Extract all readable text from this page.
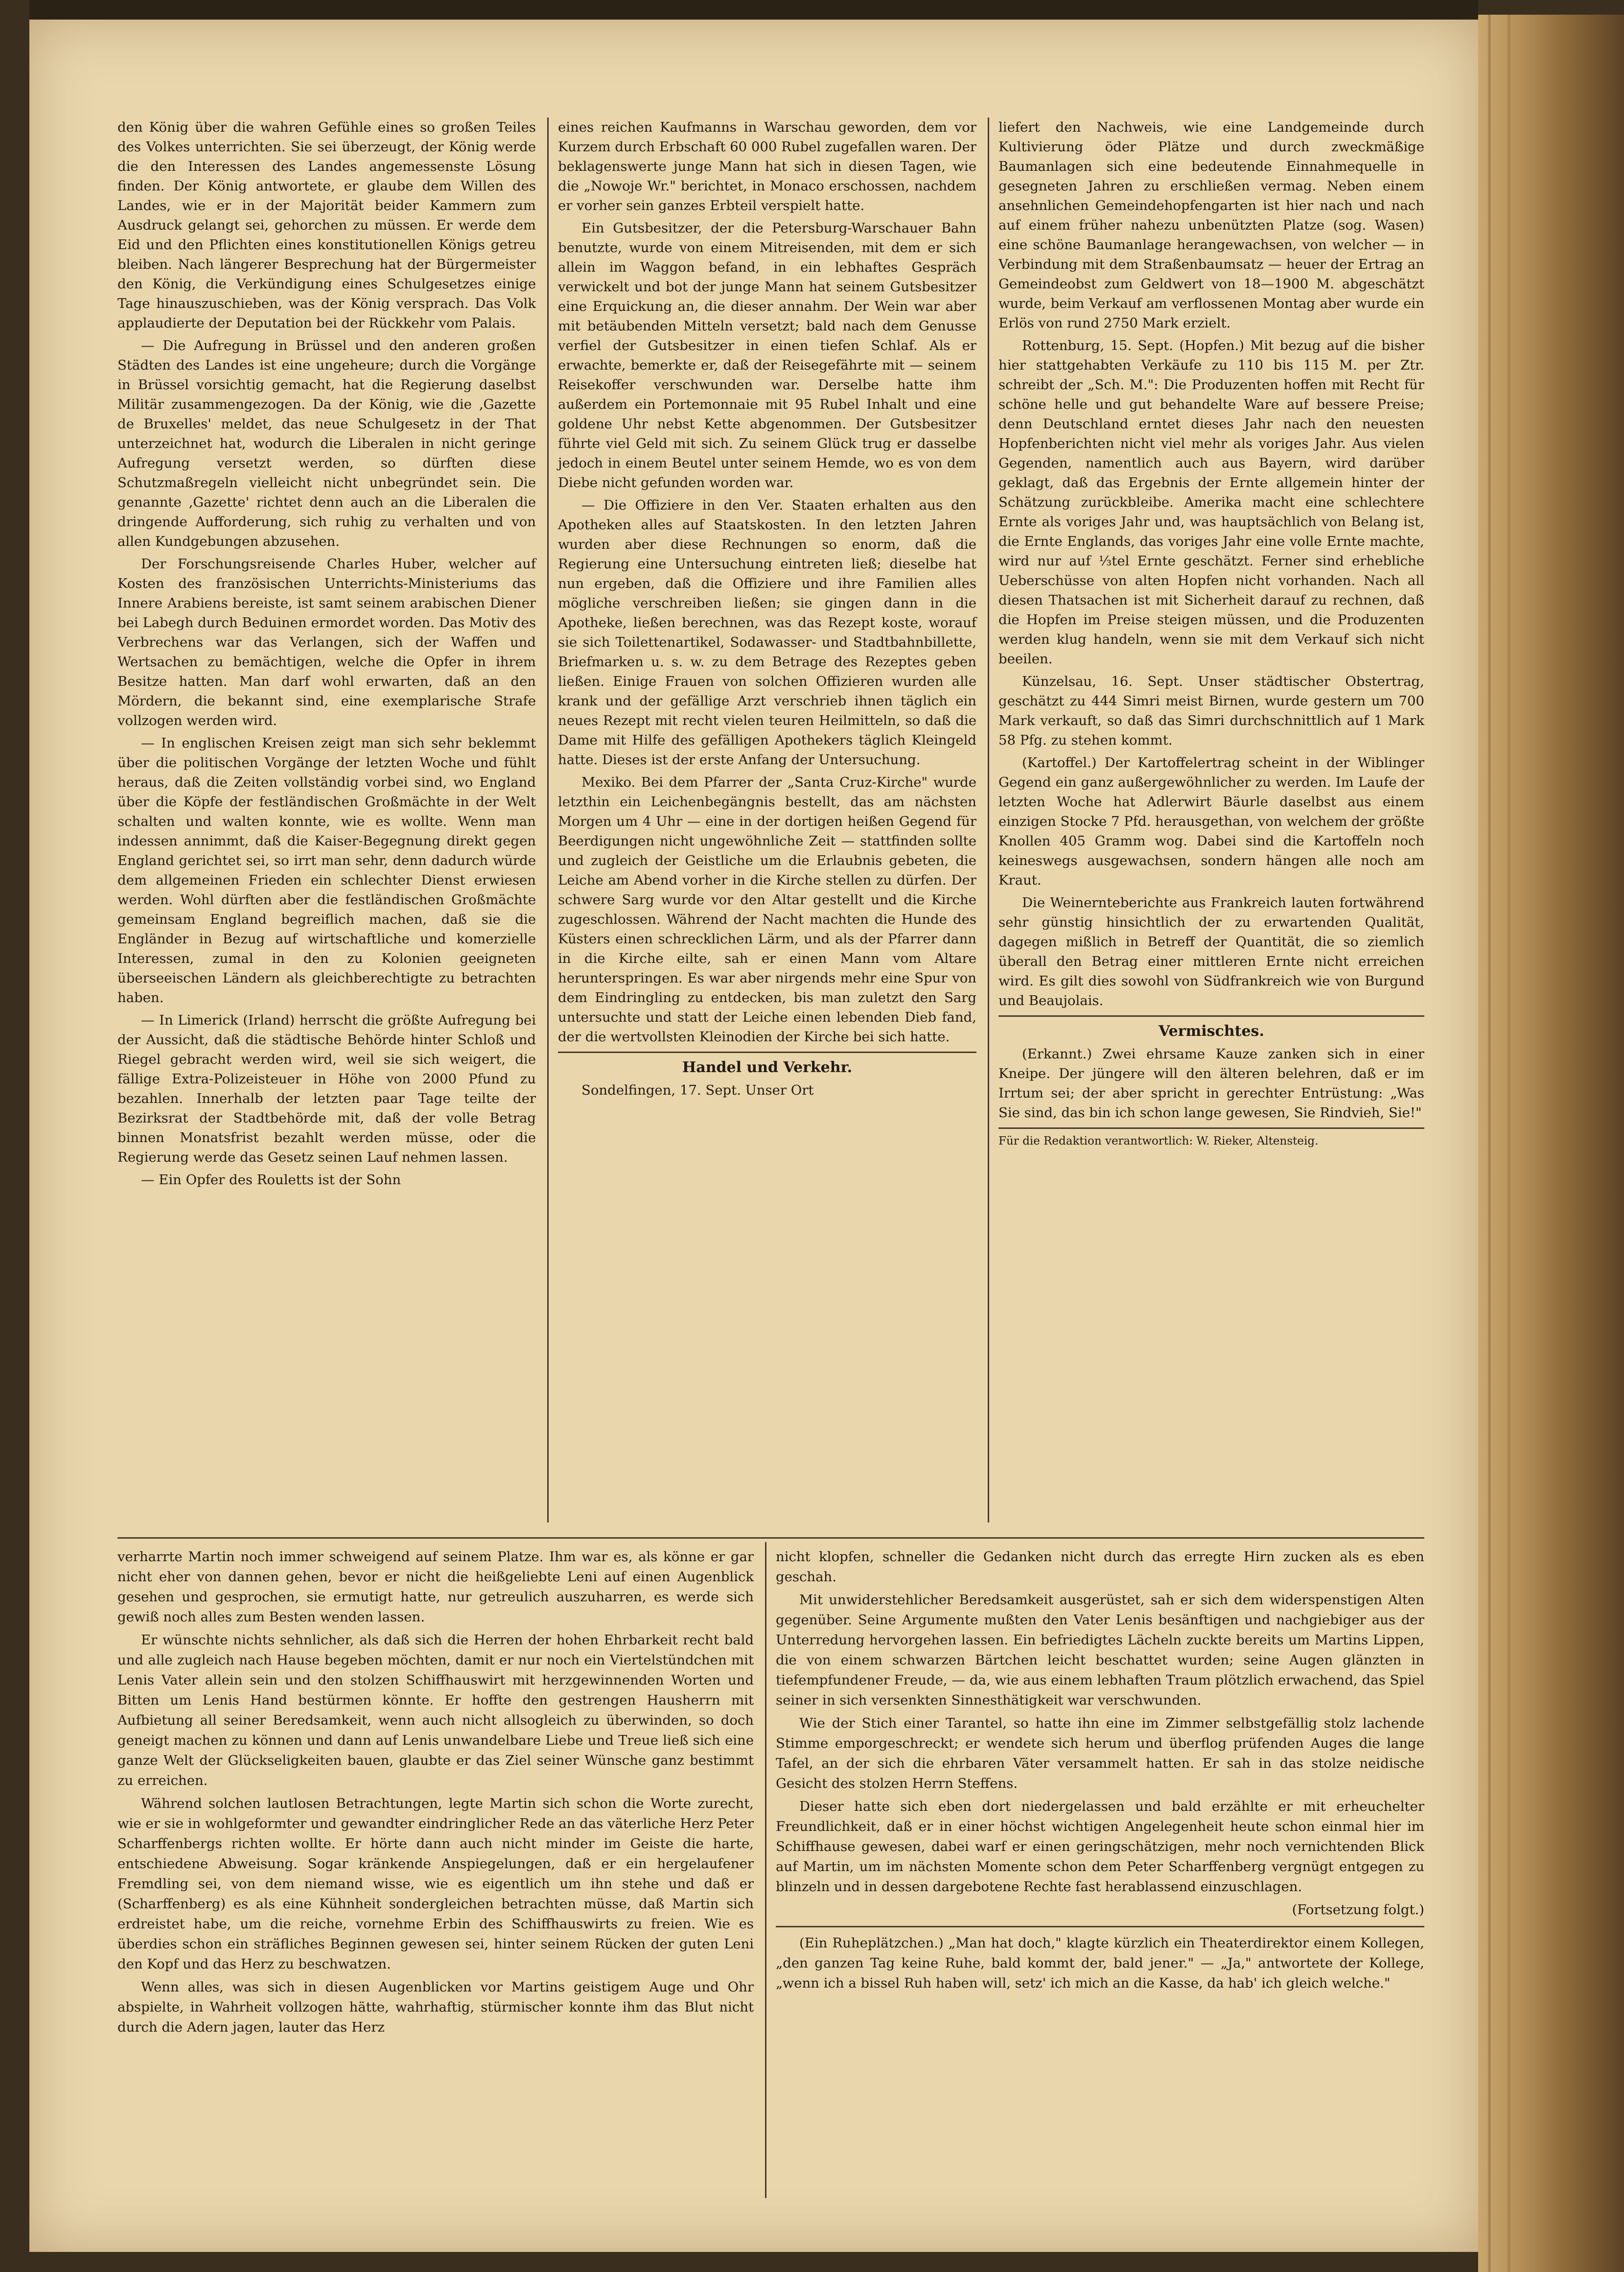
den König über die wahren Gefühle eines so großen Teiles des Volkes unterrichten. Sie sei überzeugt, der König werde die den Interessen des Landes angemessenste Lösung finden. Der König antwortete, er glaube dem Willen des Landes, wie er in der Majorität beider Kammern zum Ausdruck gelangt sei, gehorchen zu müssen. Er werde dem Eid und den Pflichten eines konstitutionellen Königs getreu bleiben. Nach längerer Besprechung hat der Bürgermeister den König, die Verkündigung eines Schulgesetzes einige Tage hinauszuschieben, was der König versprach. Das Volk applaudierte der Deputation bei der Rückkehr vom Palais.

— Die Aufregung in Brüssel und den anderen großen Städten des Landes ist eine ungeheure; durch die Vorgänge in Brüssel vorsichtig gemacht, hat die Regierung daselbst Militär zusammengezogen. Da der König, wie die ‚Gazette de Bruxelles' meldet, das neue Schulgesetz in der That unterzeichnet hat, wodurch die Liberalen in nicht geringe Aufregung versetzt werden, so dürften diese Schutzmaßregeln vielleicht nicht unbegründet sein. Die genannte ‚Gazette' richtet denn auch an die Liberalen die dringende Aufforderung, sich ruhig zu verhalten und von allen Kundgebungen abzusehen.

Der Forschungsreisende Charles Huber, welcher auf Kosten des französischen Unterrichts-Ministeriums das Innere Arabiens bereiste, ist samt seinem arabischen Diener bei Labegh durch Beduinen ermordet worden. Das Motiv des Verbrechens war das Verlangen, sich der Waffen und Wertsachen zu bemächtigen, welche die Opfer in ihrem Besitze hatten. Man darf wohl erwarten, daß an den Mördern, die bekannt sind, eine exemplarische Strafe vollzogen werden wird.

— In englischen Kreisen zeigt man sich sehr beklemmt über die politischen Vorgänge der letzten Woche und fühlt heraus, daß die Zeiten vollständig vorbei sind, wo England über die Köpfe der festländischen Großmächte in der Welt schalten und walten konnte, wie es wollte. Wenn man indessen annimmt, daß die Kaiser-Begegnung direkt gegen England gerichtet sei, so irrt man sehr, denn dadurch würde dem allgemeinen Frieden ein schlechter Dienst erwiesen werden. Wohl dürften aber die festländischen Großmächte gemeinsam England begreiflich machen, daß sie die Engländer in Bezug auf wirtschaftliche und komerzielle Interessen, zumal in den zu Kolonien geeigneten überseeischen Ländern als gleichberechtigte zu betrachten haben.

— In Limerick (Irland) herrscht die größte Aufregung bei der Aussicht, daß die städtische Behörde hinter Schloß und Riegel gebracht werden wird, weil sie sich weigert, die fällige Extra-Polizeisteuer in Höhe von 2000 Pfund zu bezahlen. Innerhalb der letzten paar Tage teilte der Bezirksrat der Stadtbehörde mit, daß der volle Betrag binnen Monatsfrist bezahlt werden müsse, oder die Regierung werde das Gesetz seinen Lauf nehmen lassen.

— Ein Opfer des Rouletts ist der Sohn

eines reichen Kaufmanns in Warschau geworden, dem vor Kurzem durch Erbschaft 60 000 Rubel zugefallen waren. Der beklagenswerte junge Mann hat sich in diesen Tagen, wie die „Nowoje Wr." berichtet, in Monaco erschossen, nachdem er vorher sein ganzes Erbteil verspielt hatte.

Ein Gutsbesitzer, der die Petersburg-Warschauer Bahn benutzte, wurde von einem Mitreisenden, mit dem er sich allein im Waggon befand, in ein lebhaftes Gespräch verwickelt und bot der junge Mann hat seinem Gutsbesitzer eine Erquickung an, die dieser annahm. Der Wein war aber mit betäubenden Mitteln versetzt; bald nach dem Genusse verfiel der Gutsbesitzer in einen tiefen Schlaf. Als er erwachte, bemerkte er, daß der Reisegefährte mit — seinem Reisekoffer verschwunden war. Derselbe hatte ihm außerdem ein Portemonnaie mit 95 Rubel Inhalt und eine goldene Uhr nebst Kette abgenommen. Der Gutsbesitzer führte viel Geld mit sich. Zu seinem Glück trug er dasselbe jedoch in einem Beutel unter seinem Hemde, wo es von dem Diebe nicht gefunden worden war.

— Die Offiziere in den Ver. Staaten erhalten aus den Apotheken alles auf Staatskosten. In den letzten Jahren wurden aber diese Rechnungen so enorm, daß die Regierung eine Untersuchung eintreten ließ; dieselbe hat nun ergeben, daß die Offiziere und ihre Familien alles mögliche verschreiben ließen; sie gingen dann in die Apotheke, ließen berechnen, was das Rezept koste, worauf sie sich Toilettenartikel, Sodawasser- und Stadtbahnbillette, Briefmarken u. s. w. zu dem Betrage des Rezeptes geben ließen. Einige Frauen von solchen Offizieren wurden alle krank und der gefällige Arzt verschrieb ihnen täglich ein neues Rezept mit recht vielen teuren Heilmitteln, so daß die Dame mit Hilfe des gefälligen Apothekers täglich Kleingeld hatte. Dieses ist der erste Anfang der Untersuchung.

Mexiko. Bei dem Pfarrer der „Santa Cruz-Kirche" wurde letzthin ein Leichenbegängnis bestellt, das am nächsten Morgen um 4 Uhr — eine in der dortigen heißen Gegend für Beerdigungen nicht ungewöhnliche Zeit — stattfinden sollte und zugleich der Geistliche um die Erlaubnis gebeten, die Leiche am Abend vorher in die Kirche stellen zu dürfen. Der schwere Sarg wurde vor den Altar gestellt und die Kirche zugeschlossen. Während der Nacht machten die Hunde des Küsters einen schrecklichen Lärm, und als der Pfarrer dann in die Kirche eilte, sah er einen Mann vom Altare herunterspringen. Es war aber nirgends mehr eine Spur von dem Eindringling zu entdecken, bis man zuletzt den Sarg untersuchte und statt der Leiche einen lebenden Dieb fand, der die wertvollsten Kleinodien der Kirche bei sich hatte.

Handel und Verkehr.

Sondelfingen, 17. Sept. Unser Ort

liefert den Nachweis, wie eine Landgemeinde durch Kultivierung öder Plätze und durch zweckmäßige Baumanlagen sich eine bedeutende Einnahmequelle in gesegneten Jahren zu erschließen vermag. Neben einem ansehnlichen Gemeindehopfengarten ist hier nach und nach auf einem früher nahezu unbenützten Platze (sog. Wasen) eine schöne Baumanlage herangewachsen, von welcher — in Verbindung mit dem Straßenbaumsatz — heuer der Ertrag an Gemeindeobst zum Geldwert von 18—1900 M. abgeschätzt wurde, beim Verkauf am verflossenen Montag aber wurde ein Erlös von rund 2750 Mark erzielt.

Rottenburg, 15. Sept. (Hopfen.) Mit bezug auf die bisher hier stattgehabten Verkäufe zu 110 bis 115 M. per Ztr. schreibt der „Sch. M.": Die Produzenten hoffen mit Recht für schöne helle und gut behandelte Ware auf bessere Preise; denn Deutschland erntet dieses Jahr nach den neuesten Hopfenberichten nicht viel mehr als voriges Jahr. Aus vielen Gegenden, namentlich auch aus Bayern, wird darüber geklagt, daß das Ergebnis der Ernte allgemein hinter der Schätzung zurückbleibe. Amerika macht eine schlechtere Ernte als voriges Jahr und, was hauptsächlich von Belang ist, die Ernte Englands, das voriges Jahr eine volle Ernte machte, wird nur auf ⅓tel Ernte geschätzt. Ferner sind erhebliche Ueberschüsse von alten Hopfen nicht vorhanden. Nach all diesen Thatsachen ist mit Sicherheit darauf zu rechnen, daß die Hopfen im Preise steigen müssen, und die Produzenten werden klug handeln, wenn sie mit dem Verkauf sich nicht beeilen.

Künzelsau, 16. Sept. Unser städtischer Obstertrag, geschätzt zu 444 Simri meist Birnen, wurde gestern um 700 Mark verkauft, so daß das Simri durchschnittlich auf 1 Mark 58 Pfg. zu stehen kommt.

(Kartoffel.) Der Kartoffelertrag scheint in der Wiblinger Gegend ein ganz außergewöhnlicher zu werden. Im Laufe der letzten Woche hat Adlerwirt Bäurle daselbst aus einem einzigen Stocke 7 Pfd. herausgethan, von welchem der größte Knollen 405 Gramm wog. Dabei sind die Kartoffeln noch keineswegs ausgewachsen, sondern hängen alle noch am Kraut.

Die Weinernteberichte aus Frankreich lauten fortwährend sehr günstig hinsichtlich der zu erwartenden Qualität, dagegen mißlich in Betreff der Quantität, die so ziemlich überall den Betrag einer mittleren Ernte nicht erreichen wird. Es gilt dies sowohl von Südfrankreich wie von Burgund und Beaujolais.

Vermischtes.

(Erkannt.) Zwei ehrsame Kauze zanken sich in einer Kneipe. Der jüngere will den älteren belehren, daß er im Irrtum sei; der aber spricht in gerechter Entrüstung: „Was Sie sind, das bin ich schon lange gewesen, Sie Rindvieh, Sie!"

Für die Redaktion verantwortlich: W. Rieker, Altensteig.

verharrte Martin noch immer schweigend auf seinem Platze. Ihm war es, als könne er gar nicht eher von dannen gehen, bevor er nicht die heißgeliebte Leni auf einen Augenblick gesehen und gesprochen, sie ermutigt hatte, nur getreulich auszuharren, es werde sich gewiß noch alles zum Besten wenden lassen.

Er wünschte nichts sehnlicher, als daß sich die Herren der hohen Ehrbarkeit recht bald und alle zugleich nach Hause begeben möchten, damit er nur noch ein Viertelstündchen mit Lenis Vater allein sein und den stolzen Schiffhauswirt mit herzgewinnenden Worten und Bitten um Lenis Hand bestürmen könnte. Er hoffte den gestrengen Hausherrn mit Aufbietung all seiner Beredsamkeit, wenn auch nicht allsogleich zu überwinden, so doch geneigt machen zu können und dann auf Lenis unwandelbare Liebe und Treue ließ sich eine ganze Welt der Glückseligkeiten bauen, glaubte er das Ziel seiner Wünsche ganz bestimmt zu erreichen.

Während solchen lautlosen Betrachtungen, legte Martin sich schon die Worte zurecht, wie er sie in wohlgeformter und gewandter eindringlicher Rede an das väterliche Herz Peter Scharffenbergs richten wollte. Er hörte dann auch nicht minder im Geiste die harte, entschiedene Abweisung. Sogar kränkende Anspiegelungen, daß er ein hergelaufener Fremdling sei, von dem niemand wisse, wie es eigentlich um ihn stehe und daß er (Scharffenberg) es als eine Kühnheit sondergleichen betrachten müsse, daß Martin sich erdreistet habe, um die reiche, vornehme Erbin des Schiffhauswirts zu freien. Wie es überdies schon ein sträfliches Beginnen gewesen sei, hinter seinem Rücken der guten Leni den Kopf und das Herz zu beschwatzen.

Wenn alles, was sich in diesen Augenblicken vor Martins geistigem Auge und Ohr abspielte, in Wahrheit vollzogen hätte, wahrhaftig, stürmischer konnte ihm das Blut nicht durch die Adern jagen, lauter das Herz

nicht klopfen, schneller die Gedanken nicht durch das erregte Hirn zucken als es eben geschah.

Mit unwiderstehlicher Beredsamkeit ausgerüstet, sah er sich dem widerspenstigen Alten gegenüber. Seine Argumente mußten den Vater Lenis besänftigen und nachgiebiger aus der Unterredung hervorgehen lassen. Ein befriedigtes Lächeln zuckte bereits um Martins Lippen, die von einem schwarzen Bärtchen leicht beschattet wurden; seine Augen glänzten in tiefempfundener Freude, — da, wie aus einem lebhaften Traum plötzlich erwachend, das Spiel seiner in sich versenkten Sinnesthätigkeit war verschwunden.

Wie der Stich einer Tarantel, so hatte ihn eine im Zimmer selbstgefällig stolz lachende Stimme emporgeschreckt; er wendete sich herum und überflog prüfenden Auges die lange Tafel, an der sich die ehrbaren Väter versammelt hatten. Er sah in das stolze neidische Gesicht des stolzen Herrn Steffens.

Dieser hatte sich eben dort niedergelassen und bald erzählte er mit erheuchelter Freundlichkeit, daß er in einer höchst wichtigen Angelegenheit heute schon einmal hier im Schiffhause gewesen, dabei warf er einen geringschätzigen, mehr noch vernichtenden Blick auf Martin, um im nächsten Momente schon dem Peter Scharffenberg vergnügt entgegen zu blinzeln und in dessen dargebotene Rechte fast herablassend einzuschlagen.

(Fortsetzung folgt.)

(Ein Ruheplätzchen.) „Man hat doch," klagte kürzlich ein Theaterdirektor einem Kollegen, „den ganzen Tag keine Ruhe, bald kommt der, bald jener." — „Ja," antwortete der Kollege, „wenn ich a bissel Ruh haben will, setz' ich mich an die Kasse, da hab' ich gleich welche."
